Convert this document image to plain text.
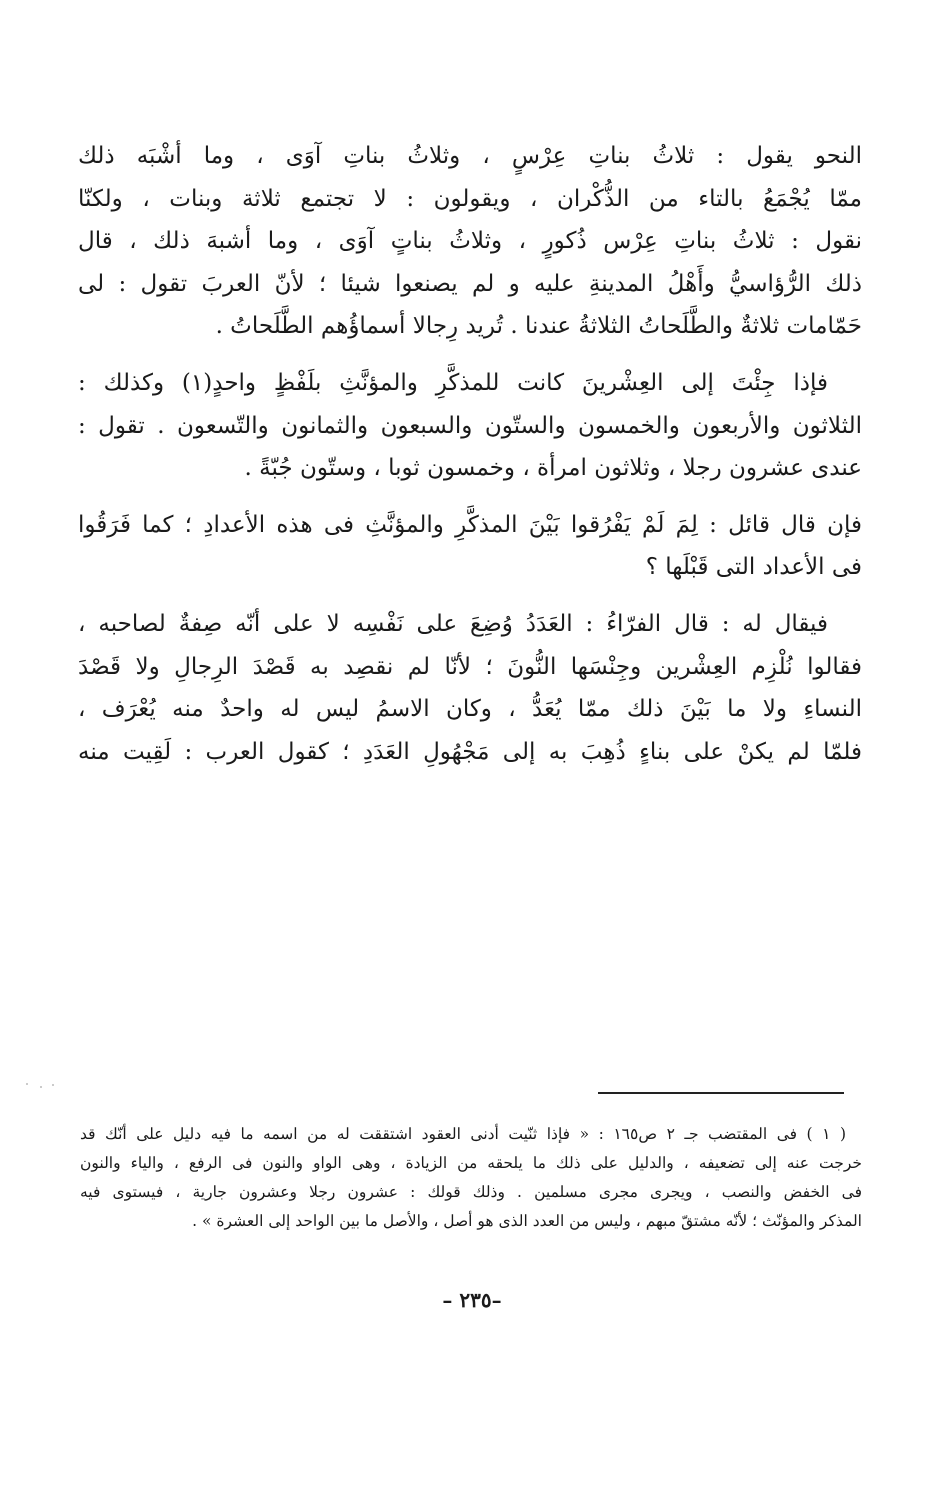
النحو يقول : ثلاثُ بناتِ عِرْسٍ ، وثلاثُ بناتِ آوَى ، وما أشْبَه ذلك
ممّا يُجْمَعُ بالتاء من الذُّكْران ، ويقولون : لا تجتمع ثلاثة وبنات ، ولكنّا
نقول : ثلاثُ بناتِ عِرْس ذُكورٍ ، وثلاثُ بناتٍ آوَى ، وما أشبهَ ذلك ، قال
ذلك الرُّؤاسيُّ وأَهْلُ المدينةِ عليه و لم يصنعوا شيئا ؛ لأنّ العربَ تقول : لى
حَمّامات ثلاثةٌ والطَّلَحاتُ الثلاثةُ عندنا . تُريد رِجالا أسماؤُهم الطَّلَحاتُ .

فإذا جِئْتَ إلى العِشْرينَ كانت للمذكَّرِ والمؤنَّثِ بلَفْظٍ واحدٍ(١) وكذلك :
الثلاثون والأربعون والخمسون والستّون والسبعون والثمانون والتّسعون . تقول :
عندى عشرون رجلا ، وثلاثون امرأة ، وخمسون ثوبا ، وستّون جُبّةً .

فإن قال قائل : لِمَ لَمْ يَفْرُقوا بَيْنَ المذكَّرِ والمؤنَّثِ فى هذه الأعدادِ ؛ كما فَرَقُوا
فى الأعداد التى قَبْلَها ؟

فيقال له : قال الفرّاءُ : العَدَدُ وُضِعَ على نَفْسِه لا على أنّه صِفةٌ لصاحبه ،
فقالوا نُلْزِم العِشْرين وجِنْسَها النُّونَ ؛ لأنّا لم نقصِد به قَصْدَ الرِجالِ ولا قَصْدَ
النساءِ ولا ما بَيْنَ ذلك ممّا يُعَدُّ ، وكان الاسمُ ليس له واحدٌ منه يُعْرَف ،
فلمّا لم يكنْ على بناءٍ ذُهِبَ به إلى مَجْهُولِ العَدَدِ ؛ كقول العرب : لَقِيت منه

( ١ ) فى المقتضب جـ ٢ ص١٦٥ : « فإذا ثنّيت أدنى العقود اشتققت له من اسمه ما فيه دليل على أنّك قد
خرجت عنه إلى تضعيفه ، والدليل على ذلك ما يلحقه من الزيادة ، وهى الواو والنون فى الرفع ، والياء والنون
فى الخفض والنصب ، ويجرى مجرى مسلمين . وذلك قولك : عشرون رجلا وعشرون جارية ، فيستوى فيه
المذكر والمؤنّث ؛ لأنّه مشتقّ مبهم ، وليس من العدد الذى هو أصل ، والأصل ما بين الواحد إلى العشرة » .
–٢٣٥ –
